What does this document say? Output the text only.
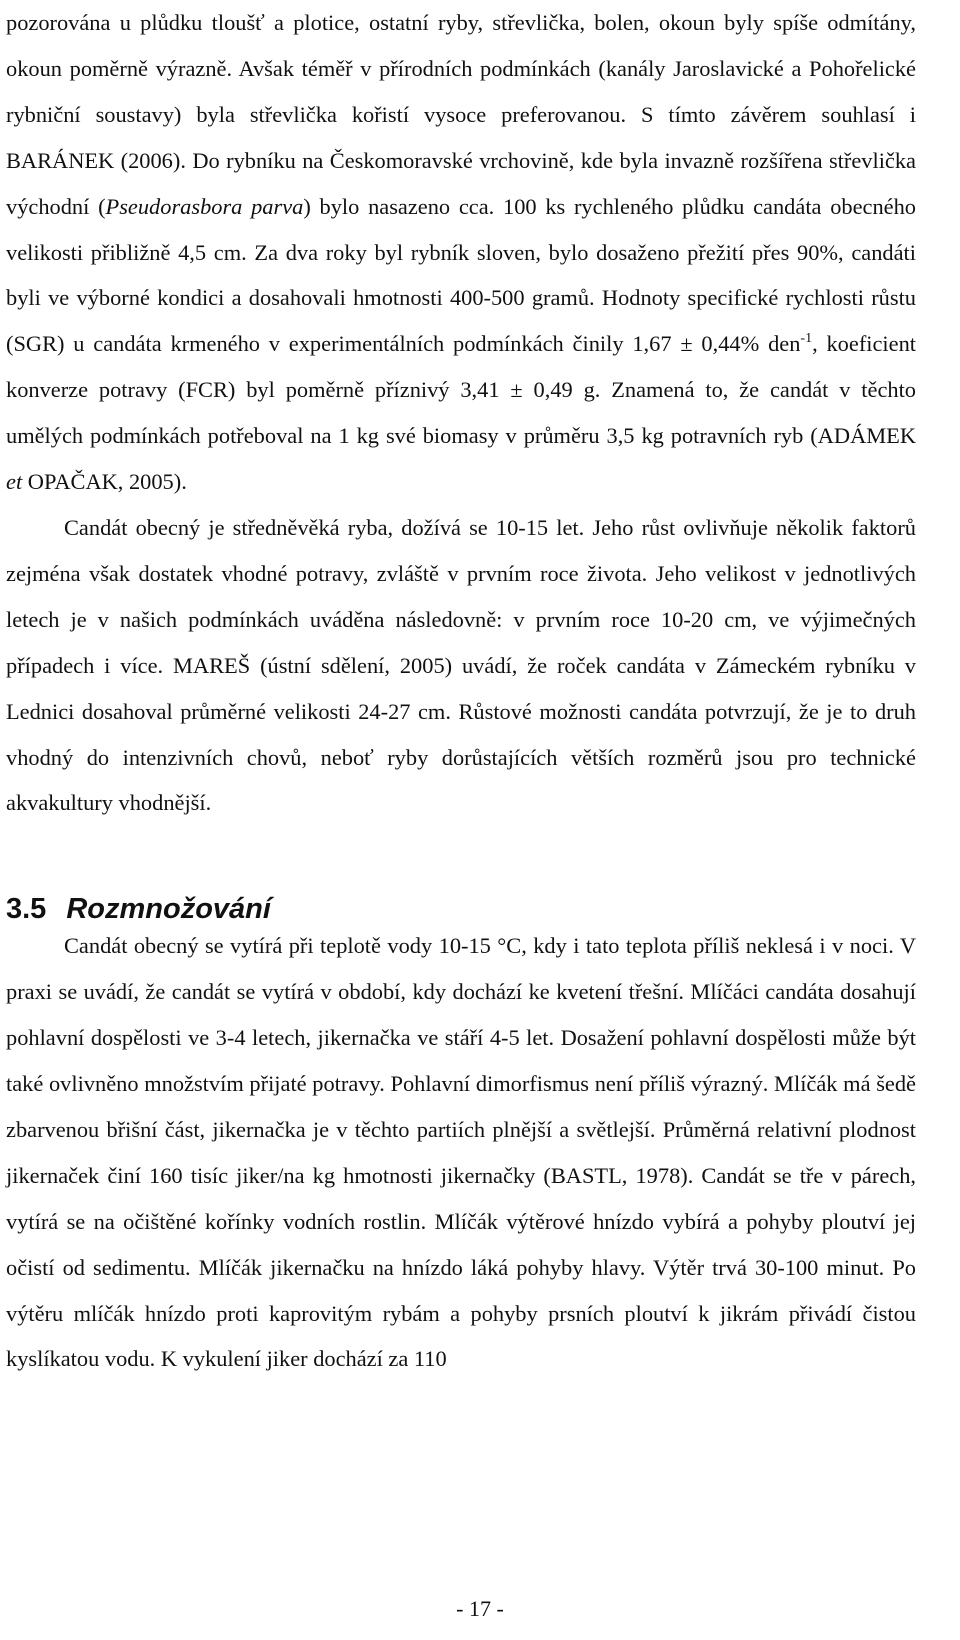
pozorována u plůdku tloušť a plotice, ostatní ryby, střevlička, bolen, okoun byly spíše odmítány, okoun poměrně výrazně. Avšak téměř v přírodních podmínkách (kanály Jaroslavické a Pohořelické rybniční soustavy) byla střevlička kořistí vysoce preferovanou. S tímto závěrem souhlasí i BARÁNEK (2006). Do rybníku na Českomoravské vrchovině, kde byla invazně rozšířena střevlička východní (Pseudorasbora parva) bylo nasazeno cca. 100 ks rychleného plůdku candáta obecného velikosti přibližně 4,5 cm. Za dva roky byl rybník sloven, bylo dosaženo přežití přes 90%, candáti byli ve výborné kondici a dosahovali hmotnosti 400-500 gramů. Hodnoty specifické rychlosti růstu (SGR) u candáta krmeného v experimentálních podmínkách činily 1,67 ± 0,44% den$^{-1}$, koeficient konverze potravy (FCR) byl poměrně příznivý 3,41 ± 0,49 g. Znamená to, že candát v těchto umělých podmínkách potřeboval na 1 kg své biomasy v průměru 3,5 kg potravních ryb (ADÁMEK et OPAČAK, 2005).

Candát obecný je středněvěká ryba, dožívá se 10-15 let. Jeho růst ovlivňuje několik faktorů zejména však dostatek vhodné potravy, zvláště v prvním roce života. Jeho velikost v jednotlivých letech je v našich podmínkách uváděna následovně: v prvním roce 10-20 cm, ve výjimečných případech i více. MAREŠ (ústní sdělení, 2005) uvádí, že roček candáta v Zámeckém rybníku v Lednici dosahoval průměrné velikosti 24-27 cm. Růstové možnosti candáta potvrzují, že je to druh vhodný do intenzivních chovů, neboť ryby dorůstajících větších rozměrů jsou pro technické akvakultury vhodnější.

3.5 Rozmnožování

Candát obecný se vytírá při teplotě vody 10-15 °C, kdy i tato teplota příliš neklesá i v noci. V praxi se uvádí, že candát se vytírá v období, kdy dochází ke kvetení třešní. Mlíčáci candáta dosahují pohlavní dospělosti ve 3-4 letech, jikernačka ve stáří 4-5 let. Dosažení pohlavní dospělosti může být také ovlivněno množstvím přijaté potravy. Pohlavní dimorfismus není příliš výrazný. Mlíčák má šedě zbarvenou břišní část, jikernačka je v těchto partiích plnější a světlejší. Průměrná relativní plodnost jikernaček činí 160 tisíc jiker/na kg hmotnosti jikernačky (BASTL, 1978). Candát se tře v párech, vytírá se na očištěné kořínky vodních rostlin. Mlíčák výtěrové hnízdo vybírá a pohyby ploutví jej očistí od sedimentu. Mlíčák jikernačku na hnízdo láká pohyby hlavy. Výtěr trvá 30-100 minut. Po výtěru mlíčák hnízdo proti kaprovitým rybám a pohyby prsních ploutví k jikrám přivádí čistou kyslíkatou vodu. K vykulení jiker dochází za 110

- 17 -
